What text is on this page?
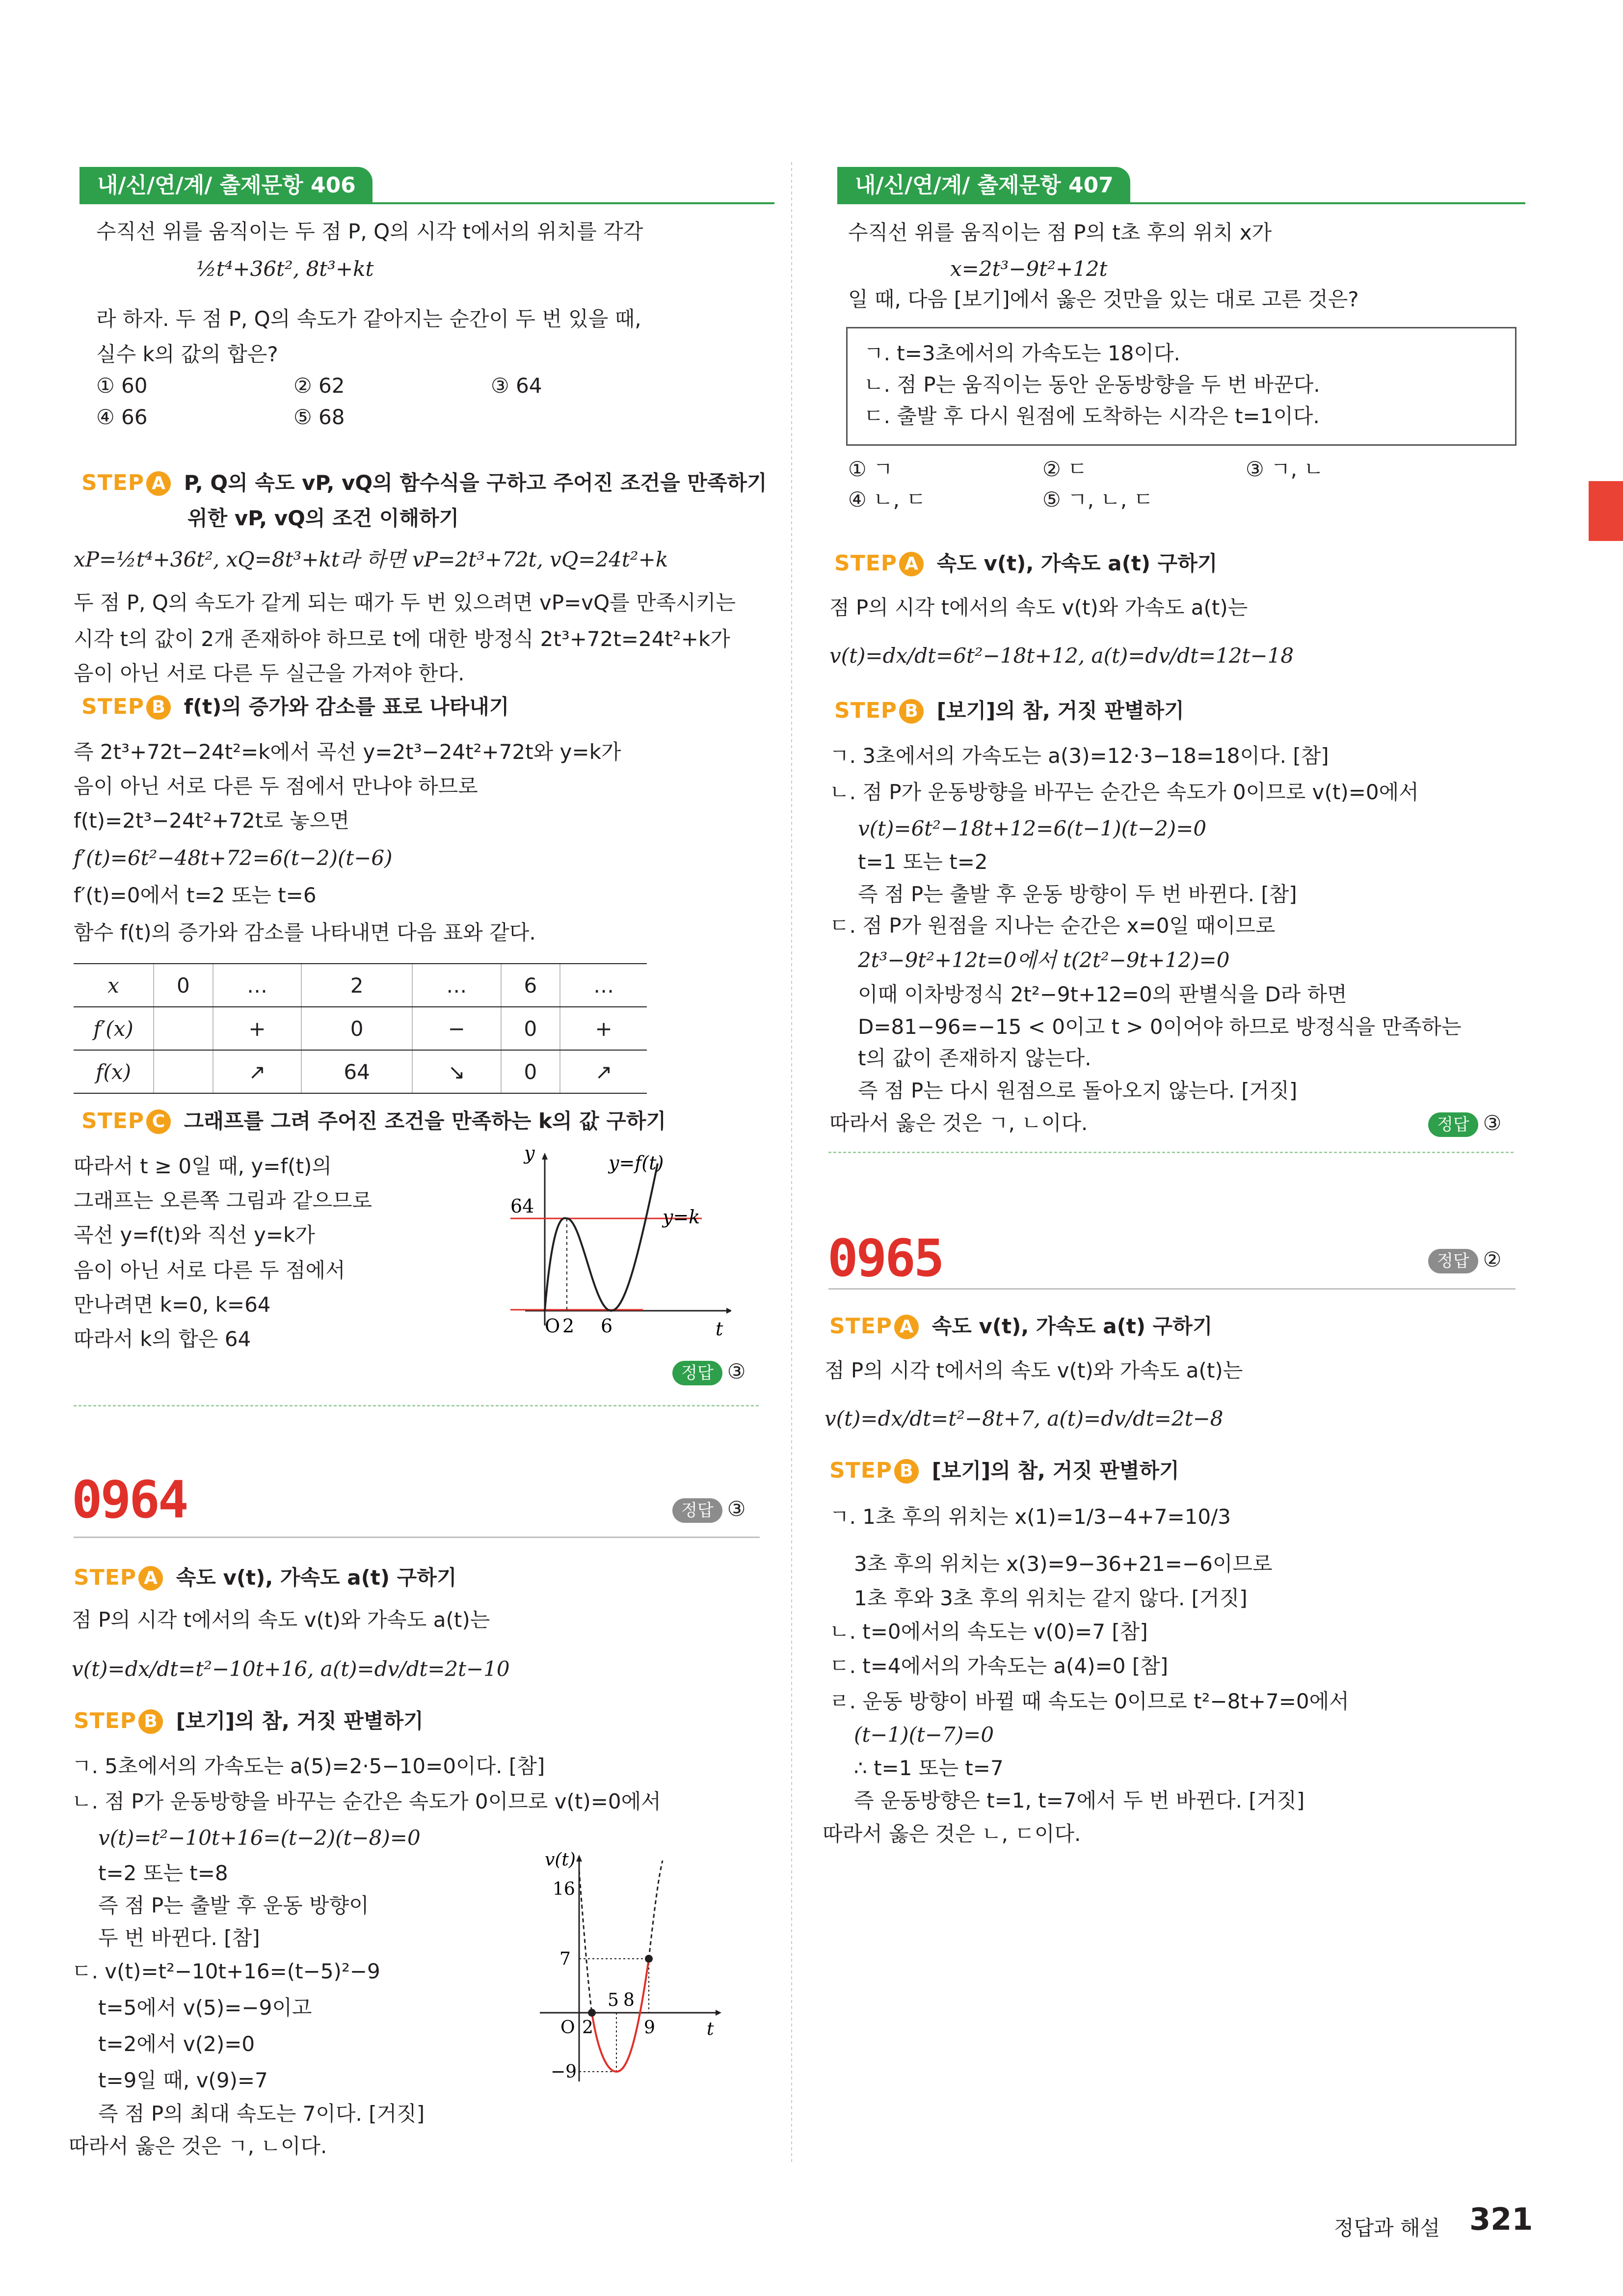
내/신/연/계/ 출제문항 406
수직선 위를 움직이는 두 점 P, Q의 시각 t에서의 위치를 각각
½t⁴+36t², 8t³+kt
라 하자. 두 점 P, Q의 속도가 같아지는 순간이 두 번 있을 때,
실수 k의 값의 합은?
① 60	② 62	③ 64
④ 66	⑤ 68
STEP A P, Q의 속도 vP, vQ의 함수식을 구하고 주어진 조건을 만족하기
위한 vP, vQ의 조건 이해하기
xP=½t⁴+36t², xQ=8t³+kt라 하면 vP=2t³+72t, vQ=24t²+k
두 점 P, Q의 속도가 같게 되는 때가 두 번 있으려면 vP=vQ를 만족시키는
시각 t의 값이 2개 존재하야 하므로 t에 대한 방정식 2t³+72t=24t²+k가
음이 아닌 서로 다른 두 실근을 가져야 한다.
STEP B f(t)의 증가와 감소를 표로 나타내기
즉 2t³+72t−24t²=k에서 곡선 y=2t³−24t²+72t와 y=k가
음이 아닌 서로 다른 두 점에서 만나야 하므로
f(t)=2t³−24t²+72t로 놓으면
f′(t)=6t²−48t+72=6(t−2)(t−6)
f′(t)=0에서 t=2 또는 t=6
함수 f(t)의 증가와 감소를 나타내면 다음 표와 같다.
x	0	…	2	…	6	…
f′(x)		+	0	−	0	+
f(x)		↗	64	↘	0	↗
STEP C 그래프를 그려 주어진 조건을 만족하는 k의 값 구하기
따라서 t ≥ 0일 때, y=f(t)의
그래프는 오른쪽 그림과 같으므로
곡선 y=f(t)와 직선 y=k가
음이 아닌 서로 다른 두 점에서
만나려면 k=0, k=64
따라서 k의 합은 64
y
t
O 2 6
64
y=f(t)
y=k
정답 ③
0964	정답 ③
STEP A 속도 v(t), 가속도 a(t) 구하기
점 P의 시각 t에서의 속도 v(t)와 가속도 a(t)는
v(t)=dx/dt=t²−10t+16, a(t)=dv/dt=2t−10
STEP B [보기]의 참, 거짓 판별하기
ㄱ. 5초에서의 가속도는 a(5)=2·5−10=0이다. [참]
ㄴ. 점 P가 운동방향을 바꾸는 순간은 속도가 0이므로 v(t)=0에서
v(t)=t²−10t+16=(t−2)(t−8)=0
t=2 또는 t=8
즉 점 P는 출발 후 운동 방향이
두 번 바뀐다. [참]
ㄷ. v(t)=t²−10t+16=(t−5)²−9
t=5에서 v(5)=−9이고
t=2에서 v(2)=0
t=9일 때, v(9)=7
즉 점 P의 최대 속도는 7이다. [거짓]
따라서 옳은 것은 ㄱ, ㄴ이다.
v(t)
t
16
7
−9
O 2
5 8
9
내/신/연/계/ 출제문항 407
수직선 위를 움직이는 점 P의 t초 후의 위치 x가
x=2t³−9t²+12t
일 때, 다음 [보기]에서 옳은 것만을 있는 대로 고른 것은?
ㄱ. t=3초에서의 가속도는 18이다.
ㄴ. 점 P는 움직이는 동안 운동방향을 두 번 바꾼다.
ㄷ. 출발 후 다시 원점에 도착하는 시각은 t=1이다.
① ㄱ	② ㄷ	③ ㄱ, ㄴ
④ ㄴ, ㄷ	⑤ ㄱ, ㄴ, ㄷ
STEP A 속도 v(t), 가속도 a(t) 구하기
점 P의 시각 t에서의 속도 v(t)와 가속도 a(t)는
v(t)=dx/dt=6t²−18t+12, a(t)=dv/dt=12t−18
STEP B [보기]의 참, 거짓 판별하기
ㄱ. 3초에서의 가속도는 a(3)=12·3−18=18이다. [참]
ㄴ. 점 P가 운동방향을 바꾸는 순간은 속도가 0이므로 v(t)=0에서
v(t)=6t²−18t+12=6(t−1)(t−2)=0
t=1 또는 t=2
즉 점 P는 출발 후 운동 방향이 두 번 바뀐다. [참]
ㄷ. 점 P가 원점을 지나는 순간은 x=0일 때이므로
2t³−9t²+12t=0에서 t(2t²−9t+12)=0
이때 이차방정식 2t²−9t+12=0의 판별식을 D라 하면
D=81−96=−15 < 0이고 t > 0이어야 하므로 방정식을 만족하는
t의 값이 존재하지 않는다.
즉 점 P는 다시 원점으로 돌아오지 않는다. [거짓]
따라서 옳은 것은 ㄱ, ㄴ이다.	정답 ③
0965	정답 ②
STEP A 속도 v(t), 가속도 a(t) 구하기
점 P의 시각 t에서의 속도 v(t)와 가속도 a(t)는
v(t)=dx/dt=t²−8t+7, a(t)=dv/dt=2t−8
STEP B [보기]의 참, 거짓 판별하기
ㄱ. 1초 후의 위치는 x(1)=1/3−4+7=10/3
3초 후의 위치는 x(3)=9−36+21=−6이므로
1초 후와 3초 후의 위치는 같지 않다. [거짓]
ㄴ. t=0에서의 속도는 v(0)=7 [참]
ㄷ. t=4에서의 가속도는 a(4)=0 [참]
ㄹ. 운동 방향이 바뀔 때 속도는 0이므로 t²−8t+7=0에서
(t−1)(t−7)=0
∴ t=1 또는 t=7
즉 운동방향은 t=1, t=7에서 두 번 바뀐다. [거짓]
따라서 옳은 것은 ㄴ, ㄷ이다.
정답과 해설 321
